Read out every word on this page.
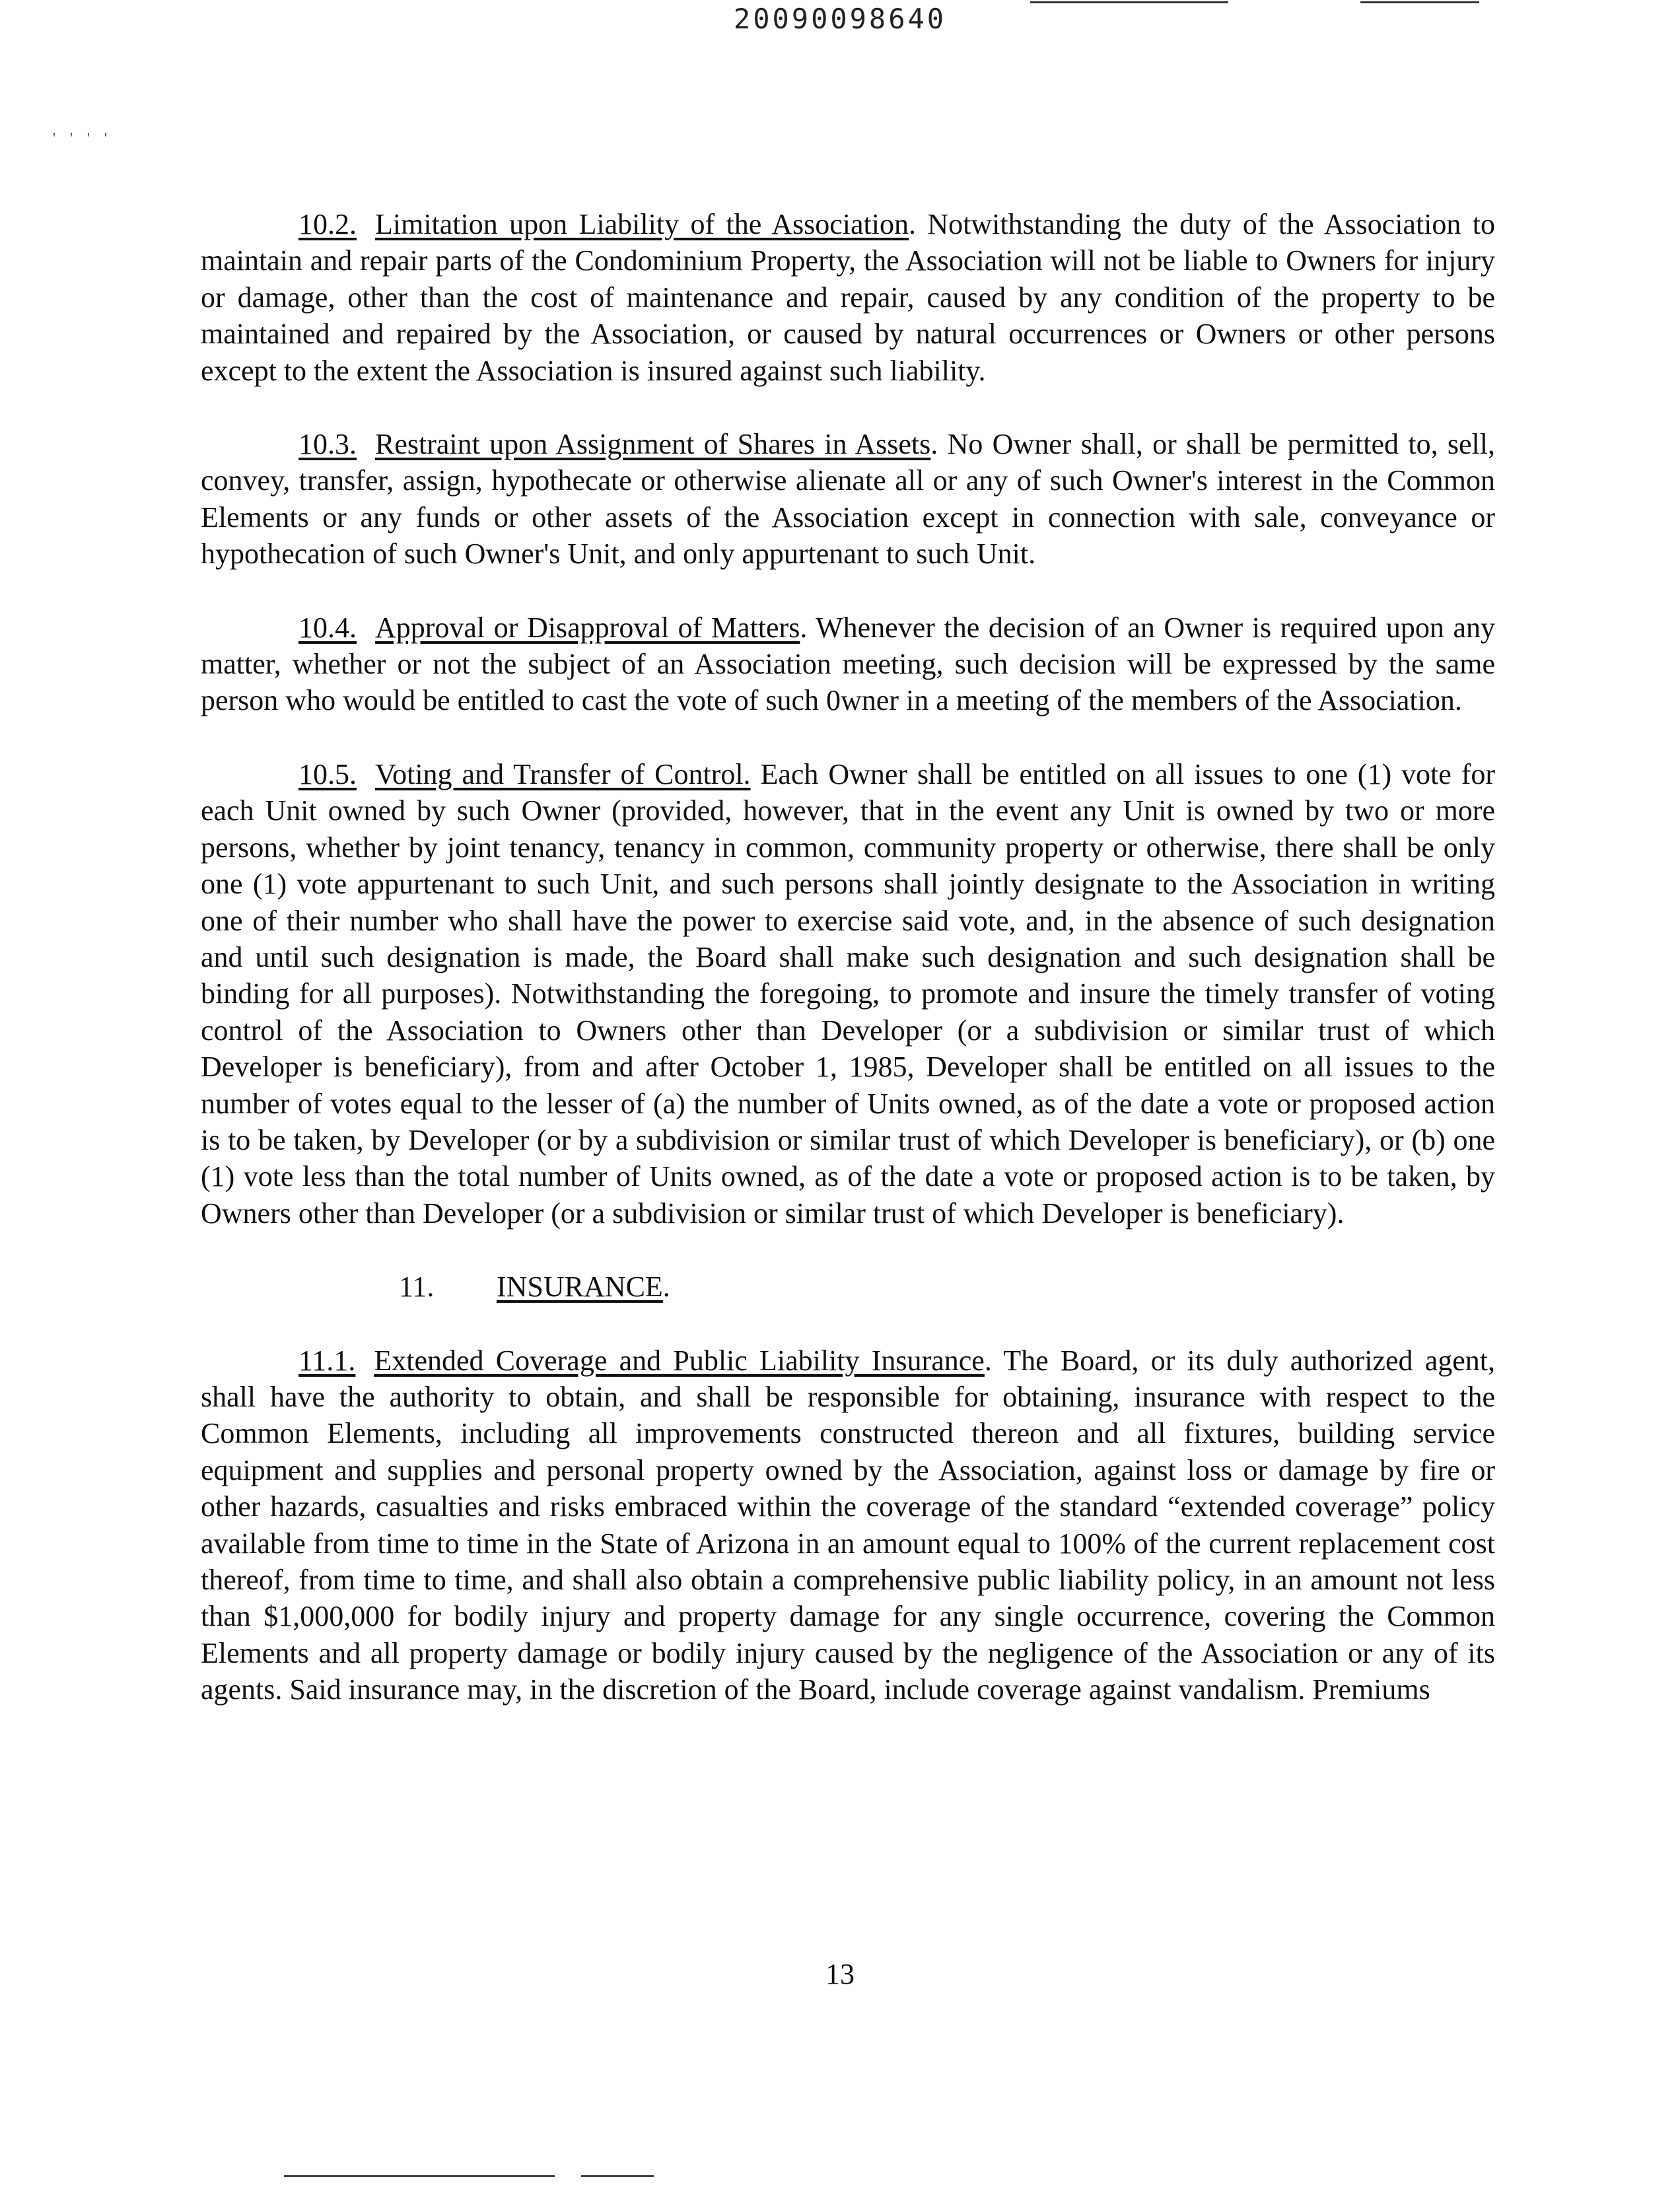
20090098640
''''

10.2. Limitation upon Liability of the Association. Notwithstanding the duty of the Association to maintain and repair parts of the Condominium Property, the Association will not be liable to Owners for injury or damage, other than the cost of maintenance and repair, caused by any condition of the property to be maintained and repaired by the Association, or caused by natural occurrences or Owners or other persons except to the extent the Association is insured against such liability.

10.3. Restraint upon Assignment of Shares in Assets. No Owner shall, or shall be permitted to, sell, convey, transfer, assign, hypothecate or otherwise alienate all or any of such Owner's interest in the Common Elements or any funds or other assets of the Association except in connection with sale, conveyance or hypothecation of such Owner's Unit, and only appurtenant to such Unit.

10.4. Approval or Disapproval of Matters. Whenever the decision of an Owner is required upon any matter, whether or not the subject of an Association meeting, such decision will be expressed by the same person who would be entitled to cast the vote of such 0wner in a meeting of the members of the Association.

10.5. Voting and Transfer of Control. Each Owner shall be entitled on all issues to one (1) vote for each Unit owned by such Owner (provided, however, that in the event any Unit is owned by two or more persons, whether by joint tenancy, tenancy in common, community property or otherwise, there shall be only one (1) vote appurtenant to such Unit, and such persons shall jointly designate to the Association in writing one of their number who shall have the power to exercise said vote, and, in the absence of such designation and until such designation is made, the Board shall make such designation and such designation shall be binding for all purposes). Notwithstanding the foregoing, to promote and insure the timely transfer of voting control of the Association to Owners other than Developer (or a subdivision or similar trust of which Developer is beneficiary), from and after October 1, 1985, Developer shall be entitled on all issues to the number of votes equal to the lesser of (a) the number of Units owned, as of the date a vote or proposed action is to be taken, by Developer (or by a subdivision or similar trust of which Developer is beneficiary), or (b) one (1) vote less than the total number of Units owned, as of the date a vote or proposed action is to be taken, by Owners other than Developer (or a subdivision or similar trust of which Developer is beneficiary).

11. INSURANCE.

11.1. Extended Coverage and Public Liability Insurance. The Board, or its duly authorized agent, shall have the authority to obtain, and shall be responsible for obtaining, insurance with respect to the Common Elements, including all improvements constructed thereon and all fixtures, building service equipment and supplies and personal property owned by the Association, against loss or damage by fire or other hazards, casualties and risks embraced within the coverage of the standard “extended coverage” policy available from time to time in the State of Arizona in an amount equal to 100% of the current replacement cost thereof, from time to time, and shall also obtain a comprehensive public liability policy, in an amount not less than $1,000,000 for bodily injury and property damage for any single occurrence, covering the Common Elements and all property damage or bodily injury caused by the negligence of the Association or any of its agents. Said insurance may, in the discretion of the Board, include coverage against vandalism. Premiums

13
